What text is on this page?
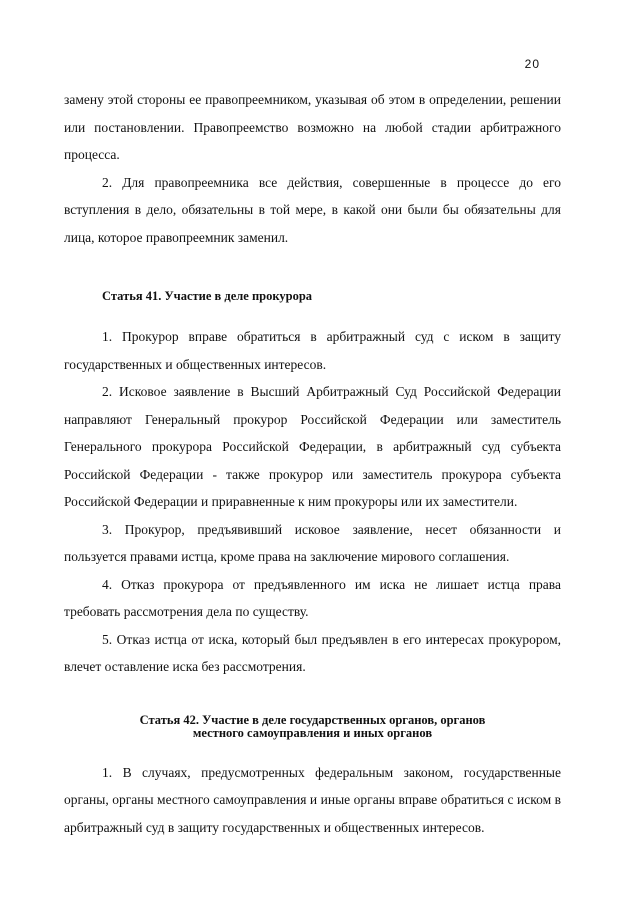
20

замену этой стороны ее правопреемником, указывая об этом в определении, решении или постановлении. Правопреемство возможно на любой стадии арбитражного процесса.

2. Для правопреемника все действия, совершенные в процессе до его вступления в дело, обязательны в той мере, в какой они были бы обязательны для лица, которое правопреемник заменил.

Статья 41. Участие в деле прокурора

1. Прокурор вправе обратиться в арбитражный суд с иском в защиту государственных и общественных интересов.

2. Исковое заявление в Высший Арбитражный Суд Российской Федерации направляют Генеральный прокурор Российской Федерации или заместитель Генерального прокурора Российской Федерации, в арбитражный суд субъекта Российской Федерации - также прокурор или заместитель прокурора субъекта Российской Федерации и приравненные к ним прокуроры или их заместители.

3. Прокурор, предъявивший исковое заявление, несет обязанности и пользуется правами истца, кроме права на заключение мирового соглашения.

4. Отказ прокурора от предъявленного им иска не лишает истца права требовать рассмотрения дела по существу.

5. Отказ истца от иска, который был предъявлен в его интересах прокурором, влечет оставление иска без рассмотрения.

Статья 42. Участие в деле государственных органов, органов
местного самоуправления и иных органов

1. В случаях, предусмотренных федеральным законом, государственные органы, органы местного самоуправления и иные органы вправе обратиться с иском в арбитражный суд в защиту государственных и общественных интересов.
